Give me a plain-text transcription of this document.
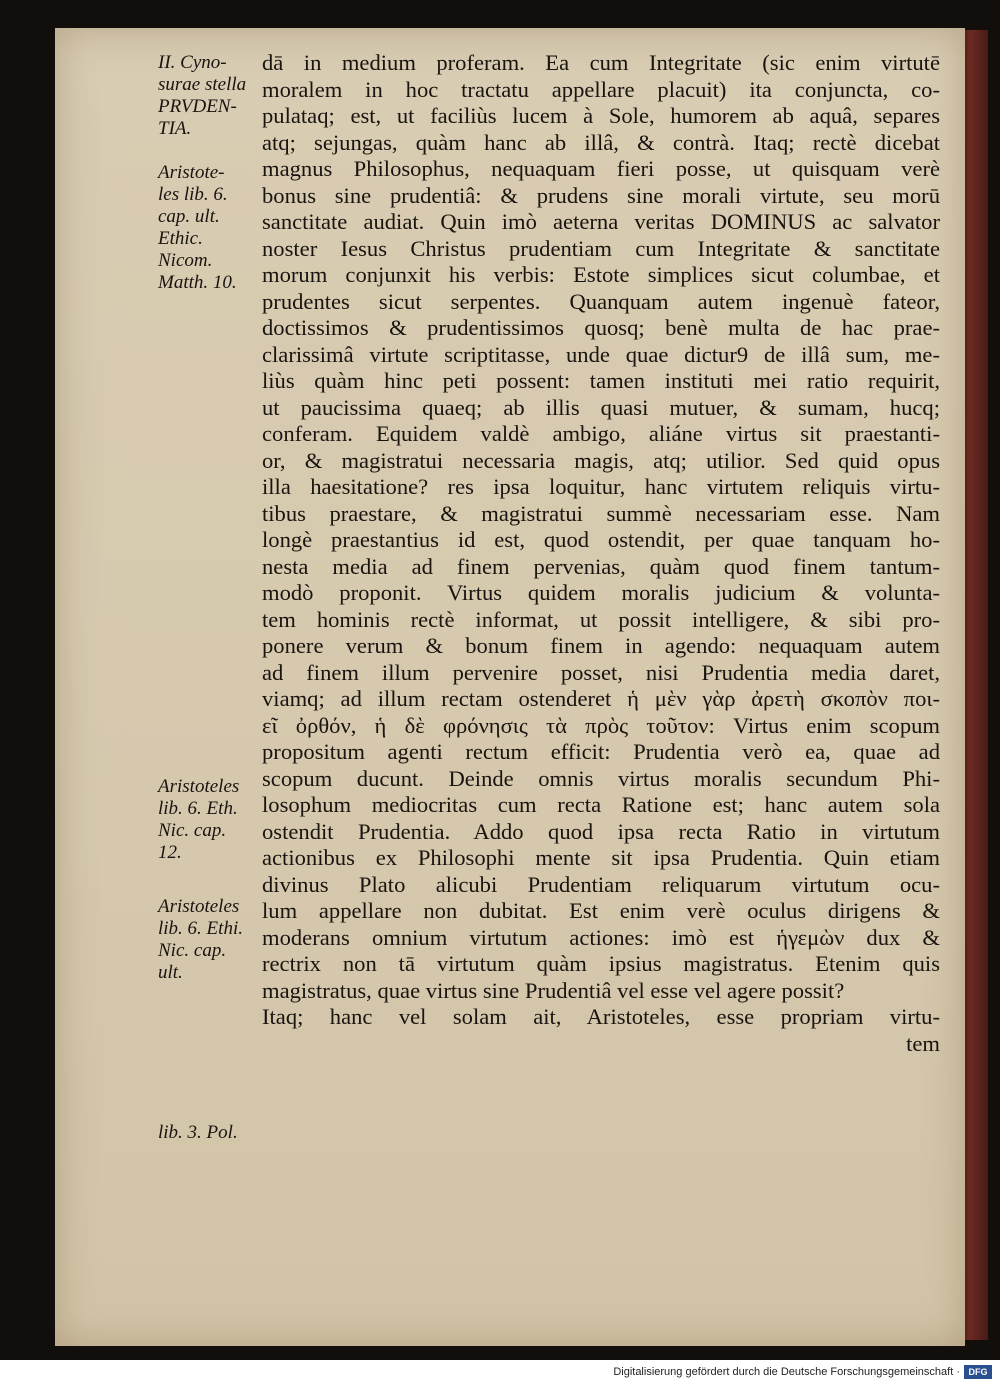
II. Cyno-
surae stella
PRVDEN-
TIA.
Aristote-
les lib. 6.
cap. ult.
Ethic.
Nicom.
Matth. 10.
Aristoteles
lib. 6. Eth.
Nic. cap.
12.
Aristoteles
lib. 6. Ethi.
Nic. cap.
ult.
lib. 3. Pol.
dā in medium proferam. Ea cum Integritate (sic enim virtutē
moralem in hoc tractatu appellare placuit) ita conjuncta, co-
pulataq; est, ut faciliùs lucem à Sole, humorem ab aquâ, separes
atq; sejungas, quàm hanc ab illâ, & contrà. Itaq; rectè dicebat
magnus Philosophus, nequaquam fieri posse, ut quisquam verè
bonus sine prudentiâ: & prudens sine morali virtute, seu morū
sanctitate audiat. Quin imò aeterna veritas DOMINUS ac salvator
noster Iesus Christus prudentiam cum Integritate & sanctitate
morum conjunxit his verbis: Estote simplices sicut columbae, et
prudentes sicut serpentes. Quanquam autem ingenuè fateor,
doctissimos & prudentissimos quosq; benè multa de hac prae-
clarissimâ virtute scriptitasse, unde quae dictur9 de illâ sum, me-
liùs quàm hinc peti possent: tamen instituti mei ratio requirit,
ut paucissima quaeq; ab illis quasi mutuer, & sumam, hucq;
conferam. Equidem valdè ambigo, aliáne virtus sit praestanti-
or, & magistratui necessaria magis, atq; utilior. Sed quid opus
illa haesitatione? res ipsa loquitur, hanc virtutem reliquis virtu-
tibus praestare, & magistratui summè necessariam esse. Nam
longè praestantius id est, quod ostendit, per quae tanquam ho-
nesta media ad finem pervenias, quàm quod finem tantum-
modò proponit. Virtus quidem moralis judicium & volunta-
tem hominis rectè informat, ut possit intelligere, & sibi pro-
ponere verum & bonum finem in agendo: nequaquam autem
ad finem illum pervenire posset, nisi Prudentia media daret,
viamq; ad illum rectam ostenderet ἡ μὲν γὰρ ἀρετὴ σκοπὸν ποι-
εῖ ὀρθόν, ἡ δὲ φρόνησις τὰ πρὸς τοῦτον: Virtus enim scopum
propositum agenti rectum efficit: Prudentia verò ea, quae ad
scopum ducunt. Deinde omnis virtus moralis secundum Phi-
losophum mediocritas cum recta Ratione est; hanc autem sola
ostendit Prudentia. Addo quod ipsa recta Ratio in virtutum
actionibus ex Philosophi mente sit ipsa Prudentia. Quin etiam
divinus Plato alicubi Prudentiam reliquarum virtutum ocu-
lum appellare non dubitat. Est enim verè oculus dirigens &
moderans omnium virtutum actiones: imò est ἡγεμὼν dux &
rectrix non tā virtutum quàm ipsius magistratus. Etenim quis
magistratus, quae virtus sine Prudentiâ vel esse vel agere possit?
Itaq; hanc vel solam ait, Aristoteles, esse propriam virtu-
tem
Digitalisierung gefördert durch die Deutsche Forschungsgemeinschaft · DFG
